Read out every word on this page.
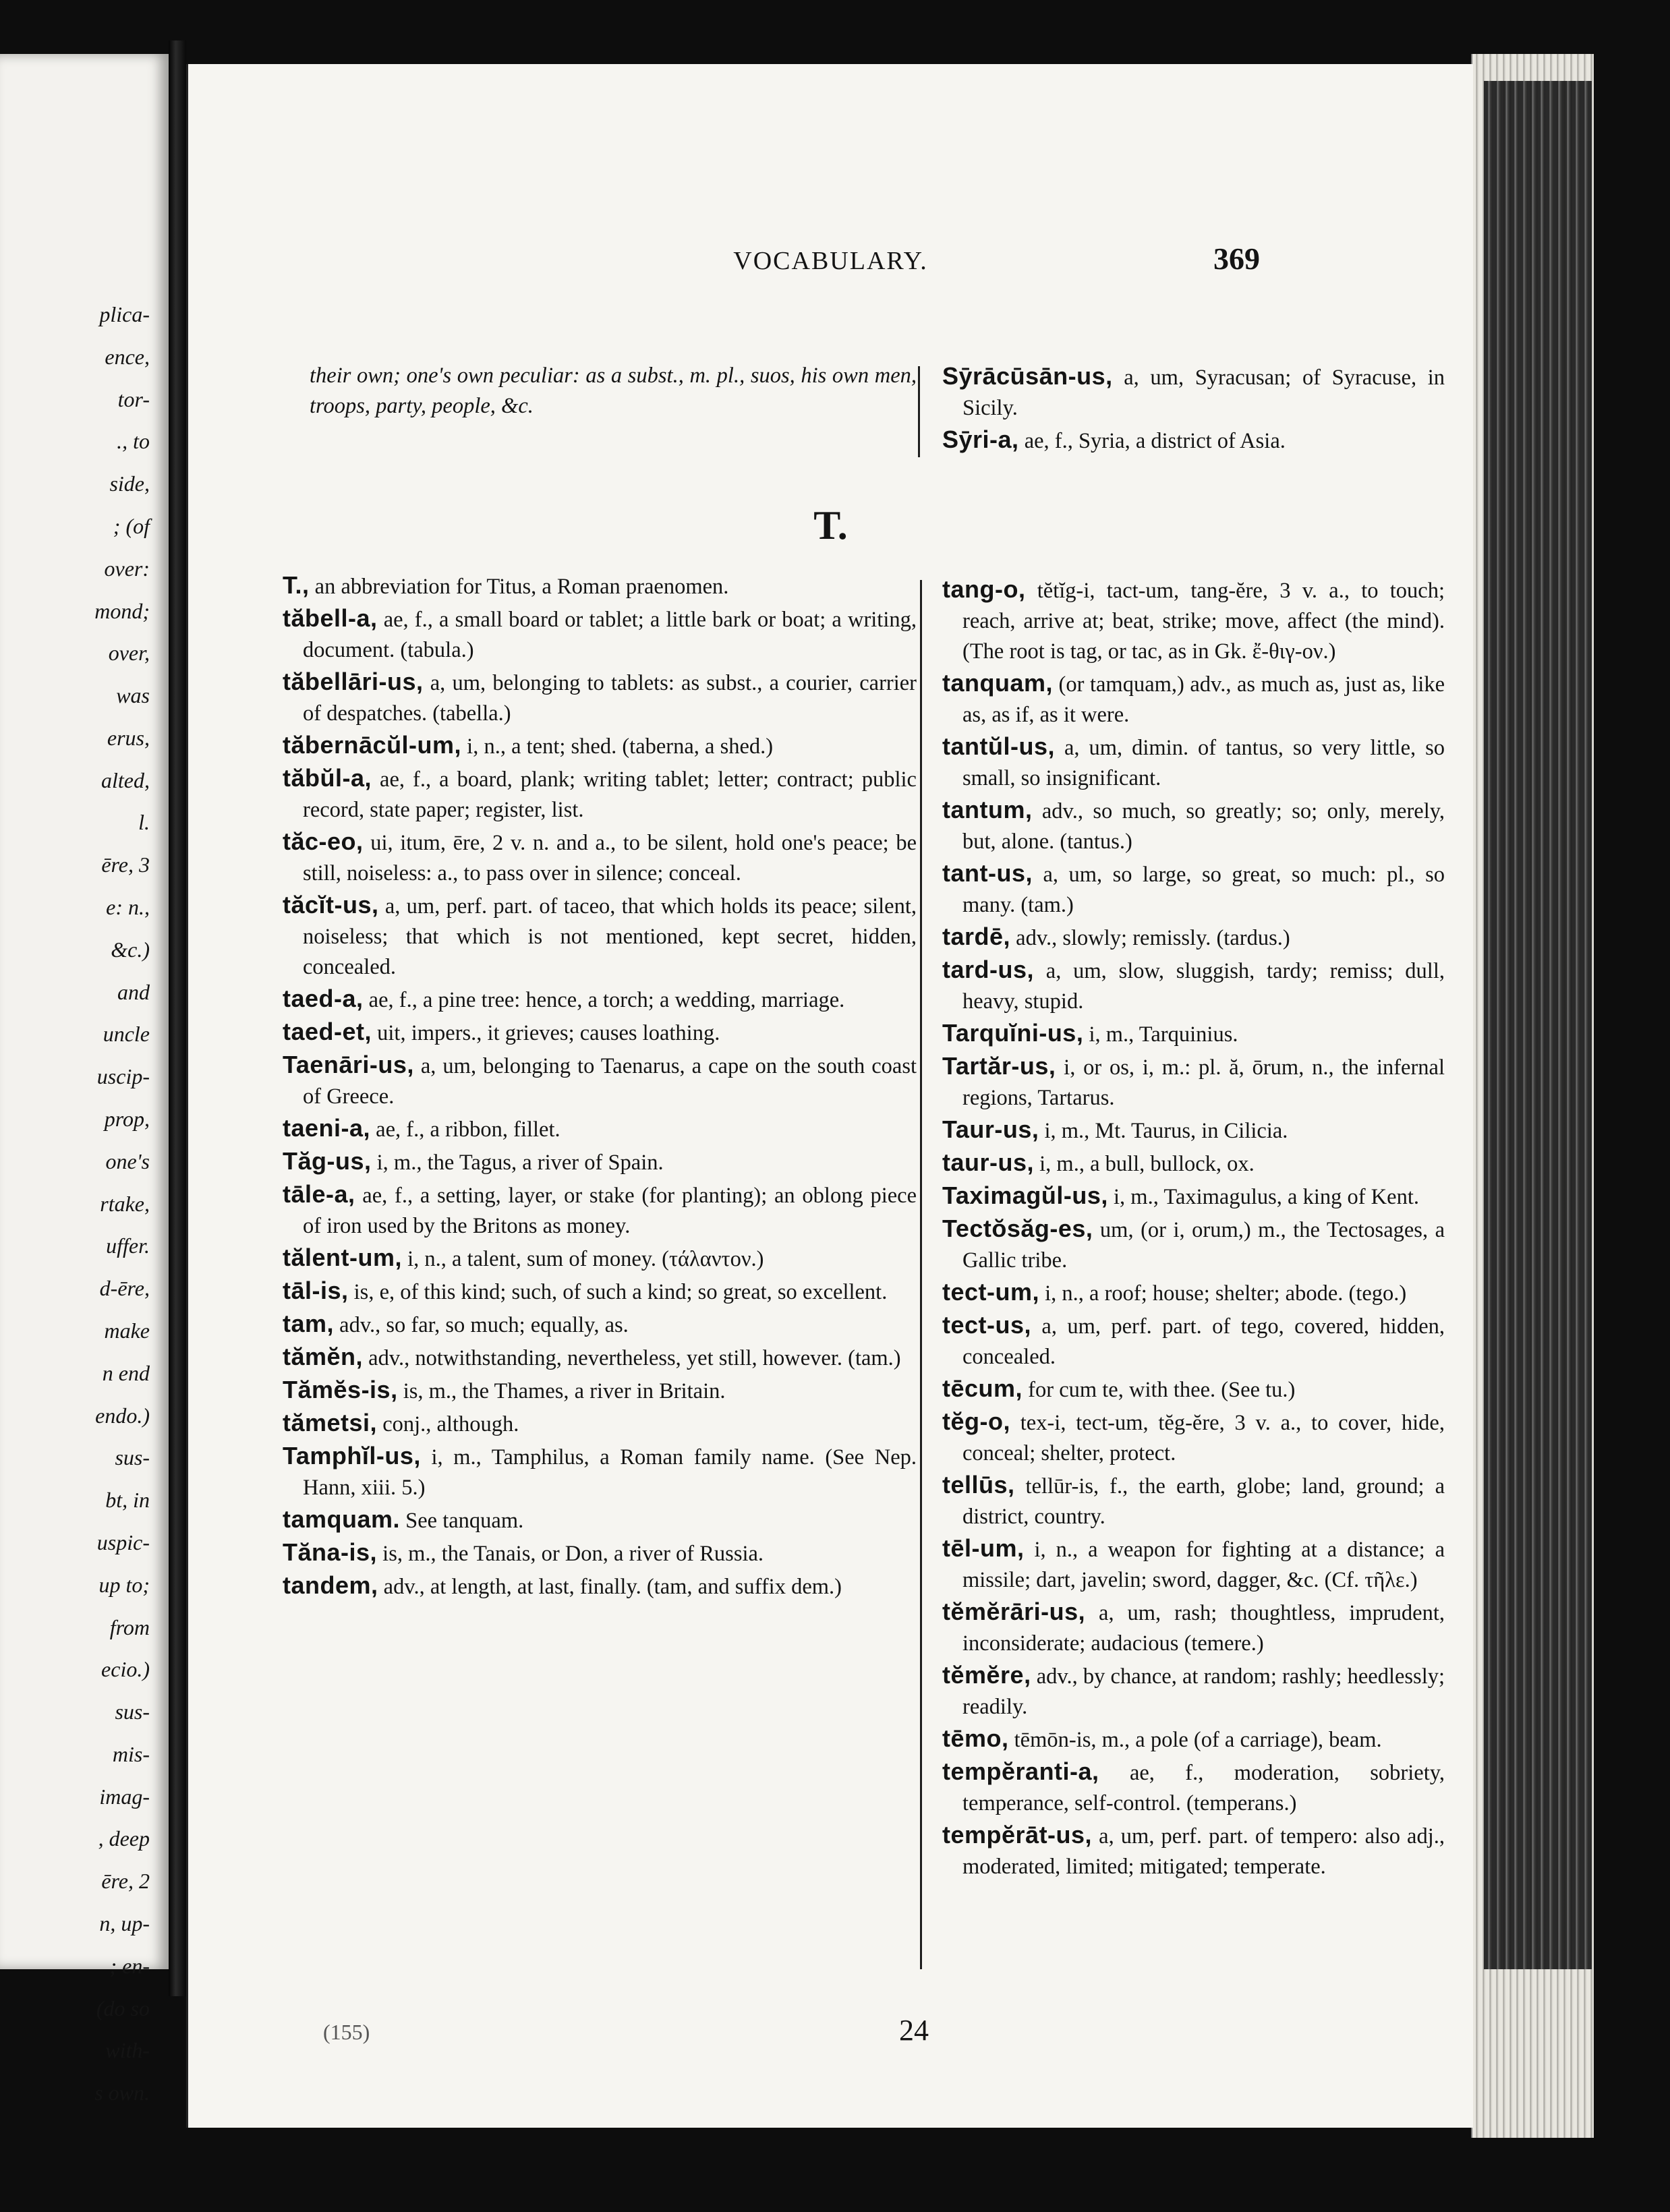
plica-
ence,
tor-
., to
side,
; (of
over:
mond;
over,
was
erus,
alted,
l.
ēre, 3
e: n.,
&c.)
and
uncle
uscip-
prop,
one's
rtake,
uffer.
d-ēre,
make
n end
endo.)
sus-
bt, in
uspic-
up to;
from
ecio.)
sus-
mis-
imag-
, deep
ēre, 2
n, up-
; en-
(do so
with-
s own.
VOCABULARY.	369

their own; one's own peculiar: as a subst., m. pl., suos, his own men, troops, party, people, &c.

Sȳrācūsān-us, a, um, Syracusan; of Syracuse, in Sicily.

Sȳri-a, ae, f., Syria, a district of Asia.

T.

T., an abbreviation for Titus, a Roman praenomen.

tăbell-a, ae, f., a small board or tablet; a little bark or boat; a writing, document. (tabula.)

tăbellāri-us, a, um, belonging to tablets: as subst., a courier, carrier of despatches. (tabella.)

tăbernācŭl-um, i, n., a tent; shed. (taberna, a shed.)

tăbŭl-a, ae, f., a board, plank; writing tablet; letter; contract; public record, state paper; register, list.

tăc-eo, ui, itum, ēre, 2 v. n. and a., to be silent, hold one's peace; be still, noiseless: a., to pass over in silence; conceal.

tăcĭt-us, a, um, perf. part. of taceo, that which holds its peace; silent, noiseless; that which is not mentioned, kept secret, hidden, concealed.

taed-a, ae, f., a pine tree: hence, a torch; a wedding, marriage.

taed-et, uit, impers., it grieves; causes loathing.

Taenāri-us, a, um, belonging to Taenarus, a cape on the south coast of Greece.

taeni-a, ae, f., a ribbon, fillet.

Tăg-us, i, m., the Tagus, a river of Spain.

tāle-a, ae, f., a setting, layer, or stake (for planting); an oblong piece of iron used by the Britons as money.

tălent-um, i, n., a talent, sum of money. (τάλαντον.)

tāl-is, is, e, of this kind; such, of such a kind; so great, so excellent.

tam, adv., so far, so much; equally, as.

tămĕn, adv., notwithstanding, nevertheless, yet still, however. (tam.)

Tămĕs-is, is, m., the Thames, a river in Britain.

tămetsi, conj., although.

Tamphĭl-us, i, m., Tamphilus, a Roman family name. (See Nep. Hann, xiii. 5.)

tamquam. See tanquam.

Tăna-is, is, m., the Tanais, or Don, a river of Russia.

tandem, adv., at length, at last, finally. (tam, and suffix dem.)

tang-o, tĕtĭg-i, tact-um, tang-ĕre, 3 v. a., to touch; reach, arrive at; beat, strike; move, affect (the mind). (The root is tag, or tac, as in Gk. ἔ-θιγ-ον.)

tanquam, (or tamquam,) adv., as much as, just as, like as, as if, as it were.

tantŭl-us, a, um, dimin. of tantus, so very little, so small, so insignificant.

tantum, adv., so much, so greatly; so; only, merely, but, alone. (tantus.)

tant-us, a, um, so large, so great, so much: pl., so many. (tam.)

tardē, adv., slowly; remissly. (tardus.)

tard-us, a, um, slow, sluggish, tardy; remiss; dull, heavy, stupid.

Tarquĭni-us, i, m., Tarquinius.

Tartăr-us, i, or os, i, m.: pl. ă, ōrum, n., the infernal regions, Tartarus.

Taur-us, i, m., Mt. Taurus, in Cilicia.

taur-us, i, m., a bull, bullock, ox.

Taximagŭl-us, i, m., Taximagulus, a king of Kent.

Tectŏsăg-es, um, (or i, orum,) m., the Tectosages, a Gallic tribe.

tect-um, i, n., a roof; house; shelter; abode. (tego.)

tect-us, a, um, perf. part. of tego, covered, hidden, concealed.

tēcum, for cum te, with thee. (See tu.)

tĕg-o, tex-i, tect-um, tĕg-ĕre, 3 v. a., to cover, hide, conceal; shelter, protect.

tellūs, tellūr-is, f., the earth, globe; land, ground; a district, country.

tēl-um, i, n., a weapon for fighting at a distance; a missile; dart, javelin; sword, dagger, &c. (Cf. τῆλε.)

tĕmĕrāri-us, a, um, rash; thoughtless, imprudent, inconsiderate; audacious (temere.)

tĕmĕre, adv., by chance, at random; rashly; heedlessly; readily.

tēmo, tēmōn-is, m., a pole (of a carriage), beam.

tempĕranti-a, ae, f., moderation, sobriety, temperance, self-control. (temperans.)

tempĕrāt-us, a, um, perf. part. of tempero: also adj., moderated, limited; mitigated; temperate.

(155)	24
